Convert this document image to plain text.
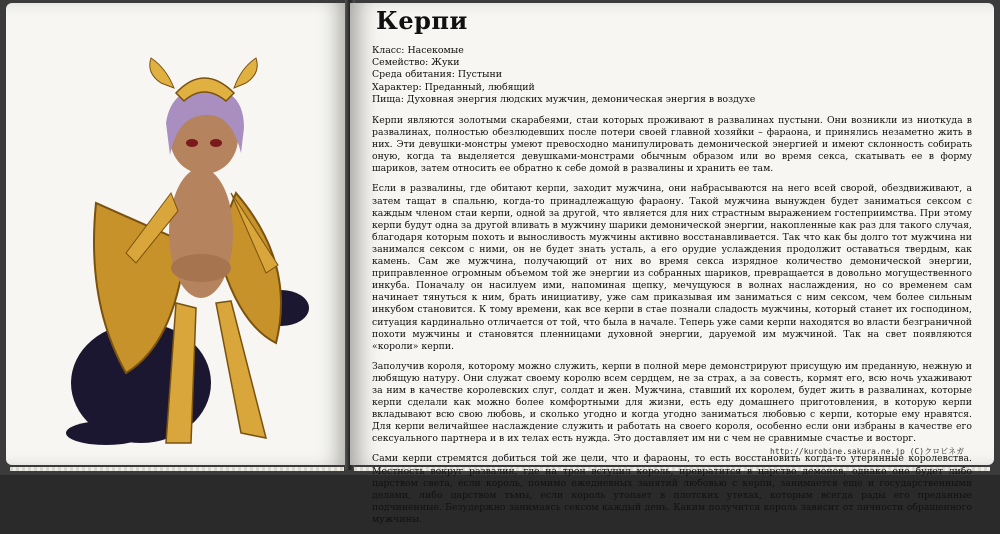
Керпи
Класс: Насекомые
Семейство: Жуки
Среда обитания: Пустыни
Характер: Преданный, любящий
Пища: Духовная энергия людских мужчин, демоническая энергия в воздухе

Керпи являются золотыми скарабеями, стаи которых проживают в развалинах пустыни. Они возникли из ниоткуда в развалинах, полностью обезлюдевших после потери своей главной хозяйки – фараона, и принялись незаметно жить в них. Эти девушки-монстры умеют превосходно манипулировать демонической энергией и имеют склонность собирать оную, когда та выделяется девушками-монстрами обычным образом или во время секса, скатывать ее в форму шариков, затем относить ее обратно к себе домой в развалины и хранить ее там.

Если в развалины, где обитают керпи, заходит мужчина, они набрасываются на него всей сворой, обездвиживают, а затем тащат в спальню, когда-то принадлежащую фараону. Такой мужчина вынужден будет заниматься сексом с каждым членом стаи керпи, одной за другой, что является для них страстным выражением гостеприимства. При этому керпи будут одна за другой вливать в мужчину шарики демонической энергии, накопленные как раз для такого случая, благодаря которым похоть и выносливость мужчины активно восстанавливается. Так что как бы долго тот мужчина ни занимался сексом с ними, он не будет знать усталь, а его орудие услаждения продолжит оставаться твердым, как камень. Сам же мужчина, получающий от них во время секса изрядное количество демонической энергии, приправленное огромным объемом той же энергии из собранных шариков, превращается в довольно могущественного инкуба. Поначалу он насилуем ими, напоминая щепку, мечущуюся в волнах наслаждения, но со временем сам начинает тянуться к ним, брать инициативу, уже сам приказывая им заниматься с ним сексом, чем более сильным инкубом становится. К тому времени, как все керпи в стае познали сладость мужчины, который станет их господином, ситуация кардинально отличается от той, что была в начале. Теперь уже сами керпи находятся во власти безграничной похоти мужчины и становятся пленницами духовной энергии, даруемой им мужчиной. Так на свет появляются «короли» керпи.

Заполучив короля, которому можно служить, керпи в полной мере демонстрируют присущую им преданную, нежную и любящую натуру. Они служат своему королю всем сердцем, не за страх, а за совесть, кормят его, всю ночь ухаживают за ним в качестве королевских слуг, солдат и жен. Мужчина, ставший их королем, будет жить в развалинах, которые керпи сделали как можно более комфортными для жизни, есть еду домашнего приготовления, в которую керпи вкладывают всю свою любовь, и сколько угодно и когда угодно заниматься любовью с керпи, которые ему нравятся. Для керпи величайшее наслаждение служить и работать на своего короля, особенно если они избраны в качестве его сексуального партнера и в их телах есть нужда. Это доставляет им ни с чем не сравнимые счастье и восторг.

Сами керпи стремятся добиться той же цели, что и фараоны, то есть восстановить когда-то утерянные королевства. Местность вокруг развалин, где на трон вступил король, превратится в царство демонов, однако оно будет либо царством света, если король, помимо ежедневных занятий любовью с керпи, занимается еще и государственными делами, либо царством тьмы, если король утопает в плотских утехах, которым всегда рады его преданные подчиненные. Безудержно занимаясь сексом каждый день. Каким получится король зависит от личности обращенного мужчины.

http://kurobine.sakura.ne.jp (C)クロビネガ
